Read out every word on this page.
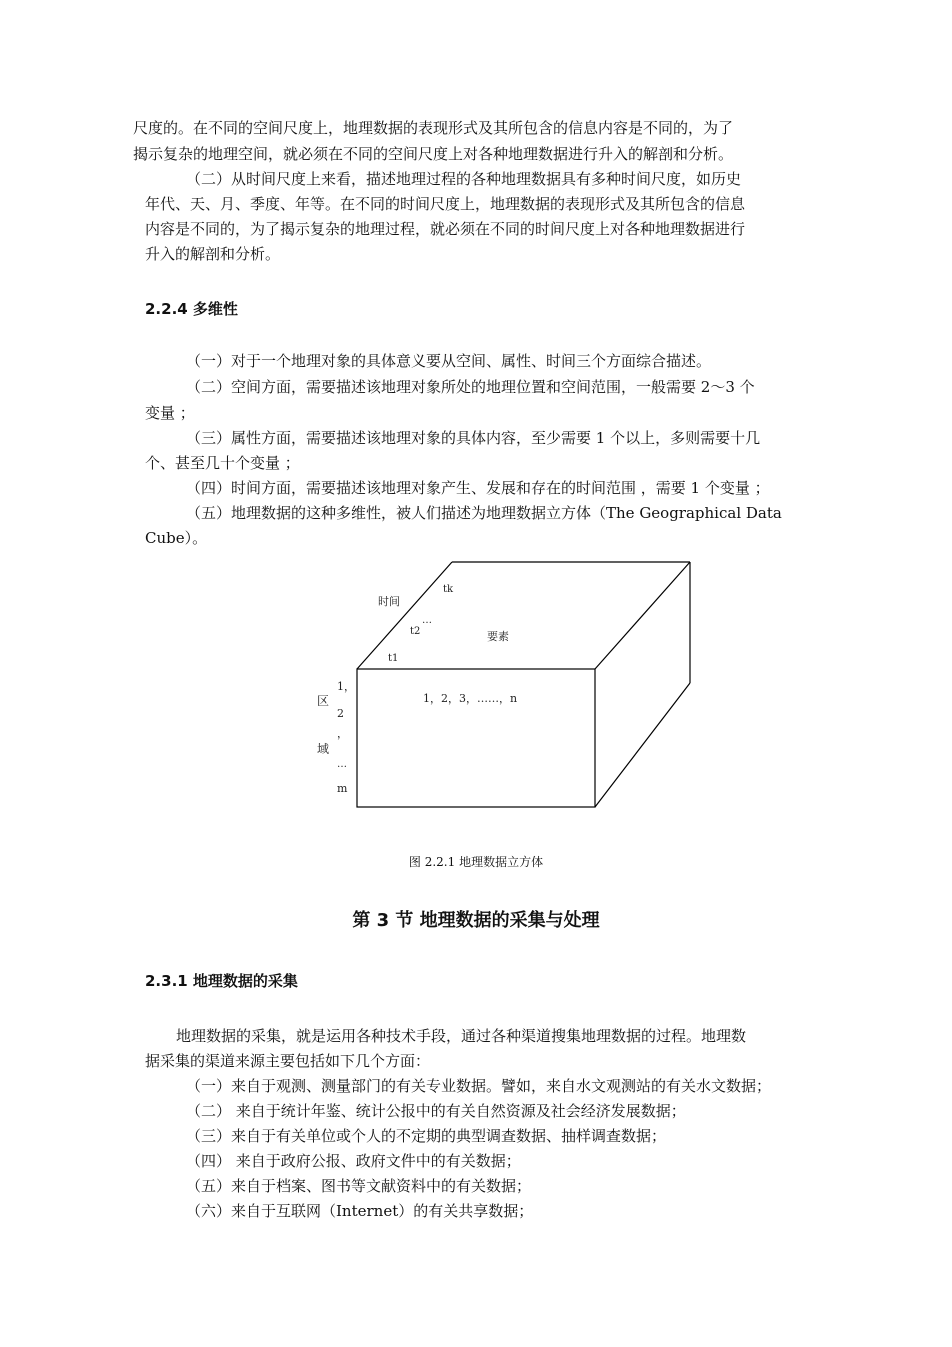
尺度的。在不同的空间尺度上，地理数据的表现形式及其所包含的信息内容是不同的，为了
揭示复杂的地理空间，就必须在不同的空间尺度上对各种地理数据进行升入的解剖和分析。
（二）从时间尺度上来看，描述地理过程的各种地理数据具有多种时间尺度，如历史
年代、天、月、季度、年等。在不同的时间尺度上，地理数据的表现形式及其所包含的信息
内容是不同的，为了揭示复杂的地理过程，就必须在不同的时间尺度上对各种地理数据进行
升入的解剖和分析。
2.2.4 多维性
（一）对于一个地理对象的具体意义要从空间、属性、时间三个方面综合描述。
（二）空间方面，需要描述该地理对象所处的地理位置和空间范围，一般需要 2～3 个
变量 ；
（三）属性方面，需要描述该地理对象的具体内容，至少需要 1 个以上，多则需要十几
个、甚至几十个变量 ；
（四）时间方面，需要描述该地理对象产生、发展和存在的时间范围 ，需要 1 个变量 ；
（五）地理数据的这种多维性，被人们描述为地理数据立方体（The Geographical Data
Cube）。
时间
tk
…
t2
t1
要素
1，2，3，……，n
区
域
1，
2
，
…
m
图 2.2.1 地理数据立方体
第 3 节 地理数据的采集与处理
2.3.1 地理数据的采集
地理数据的采集，就是运用各种技术手段，通过各种渠道搜集地理数据的过程。地理数
据采集的渠道来源主要包括如下几个方面：
（一）来自于观测、测量部门的有关专业数据。譬如，来自水文观测站的有关水文数据；
（二） 来自于统计年鉴、统计公报中的有关自然资源及社会经济发展数据；
（三）来自于有关单位或个人的不定期的典型调查数据、抽样调查数据；
（四） 来自于政府公报、政府文件中的有关数据；
（五）来自于档案、图书等文献资料中的有关数据；
（六）来自于互联网（Internet）的有关共享数据；
